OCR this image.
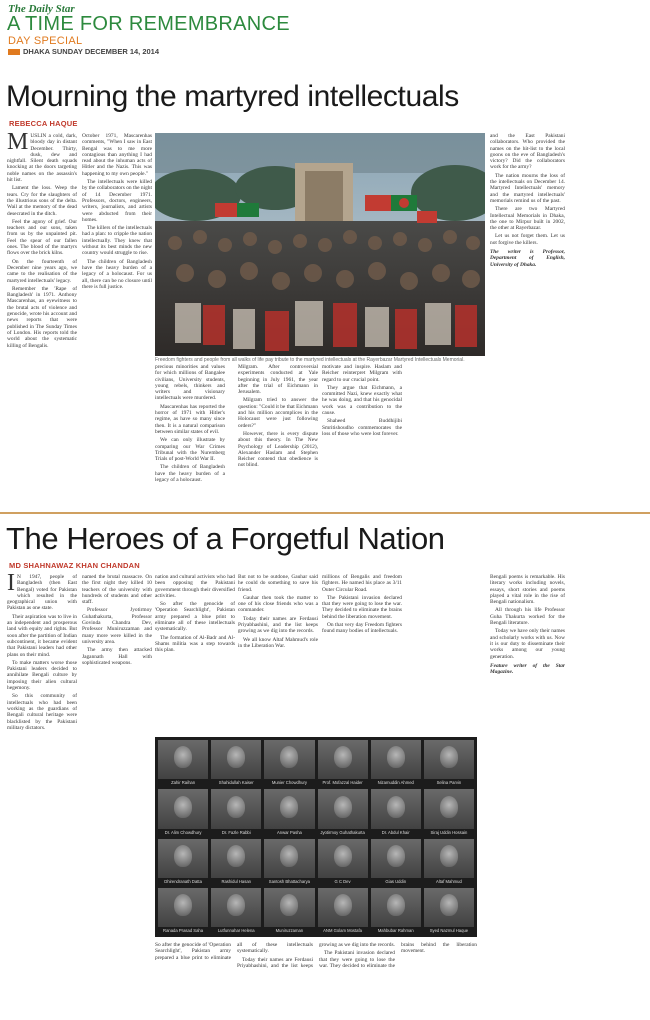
The Daily Star
A TIME FOR REMEMBRANCE
DAY SPECIAL
DHAKA SUNDAY DECEMBER 14, 2014
Mourning the martyred intellectuals
REBECCA HAQUE

MUSLIN a cold, dark, bloody day in distant December. Thirty, dusk, dew and nightfall. Silent death squads knocking at the doors targeting noble names on the assassin's hit list.

Lament the loss. Weep the tears. Cry for the slaughters of the illustrious sons of the delta. Wail at the memory of the dead desecrated in the ditch.

Feel the agony of grief. Our teachers and our sons, taken from us by the unpainted pit. Feel the spear of our fallen ones. The blood of the martyrs flows over the brick kilns.

On the fourteenth of December nine years ago, we came to the realisation of the martyred intellectuals' legacy.

Remember the 'Rape of Bangladesh' in 1971. Anthony Mascarenhas, an eyewitness to the brutal acts of violence and genocide, wrote his account and news reports that were published in The Sunday Times of London. His reports told the world about the systematic killing of Bengalis.

October 1971, Mascarenhas comments, "When I saw in East Bengal was to me more contagious than anything I had read about the inhuman acts of Hitler and the Nazis. This was happening to my own people."

The intellectuals were killed by the collaborators on the night of 14 December 1971. Professors, doctors, engineers, writers, journalists, and artists were abducted from their homes.

The killers of the intellectuals had a plan: to cripple the nation intellectually. They knew that without its best minds the new country would struggle to rise.

The children of Bangladesh have the heavy burden of a legacy of a holocaust. For us all, there can be no closure until there is full justice.

Freedom fighters and people from all walks of life pay tribute to the martyred intellectuals at the Rayerbazar Martyred Intellectuals Memorial.

precious minorities and values for which millions of Bangalee civilians, University students, young rebels, thinkers and writers and visionary intellectuals were murdered.

Mascarenhas has reported the horror of 1971 with Hitler's regime, as have so many since then. It is a natural comparison between similar states of evil.

We can only illustrate by comparing our War Crimes Tribunal with the Nuremberg Trials of post-World War II.

The children of Bangladesh have the heavy burden of a legacy of a holocaust.

Milgram. After controversial experiments conducted at Yale beginning in July 1961, the year after the trial of Eichmann in Jerusalem.

Milgram tried to answer the question: "Could it be that Eichmann and his million accomplices in the Holocaust were just following orders?"

However, there is every dispute about this theory. In The New Psychology of Leadership (2012), Alexander Haslam and Stephen Reicher contend that obedience is not blind.

motivate and inspire. Haslam and Reicher reinterpret Milgram with regard to our crucial point.

They argue that Eichmann, a committed Nazi, knew exactly what he was doing, and that his genocidal work was a contribution to the cause.

Shaheed Buddhijibi Smritishoudho commemorates the loss of those who were lost forever.

and the East Pakistani collaborators. Who provided the names on the hit-list to the local goons on the eve of Bangladesh's victory? Did the collaborators work for the army?

The nation mourns the loss of the intellectuals on December 14. Martyred Intellectuals' memory and the martyred intellectuals' memorials remind us of the past.

There are two Martyred Intellectual Memorials in Dhaka, the one to Mirpur built in 2002, the other at Rayerbazar.

Let us not forget them. Let us not forgive the killers.

The writer is Professor, Department of English, University of Dhaka.

The Heroes of a Forgetful Nation
MD SHAHNAWAZ KHAN CHANDAN

I N 1947, people of Bangladesh (then East Bengal) voted for Pakistan which resulted in the geographical union with Pakistan as one state.

Their aspiration was to live in an independent and prosperous land with equity and rights. But soon after the partition of Indian subcontinent, it became evident that Pakistani leaders had other plans on their mind.

To make matters worse those Pakistani leaders decided to annihilate Bengali culture by imposing their alien cultural hegemony.

So this community of intellectuals who had been working as the guardians of Bengali cultural heritage were blacklisted by the Pakistani military dictators.

named the brutal massacre. On the first night they killed 10 teachers of the university with hundreds of students and other staff.

Professor Jyotirmoy Guhathakurta, Professor Govinda Chandra Dev, Professor Muniruzzaman and many more were killed in the university area.

The army then attacked Jagannath Hall with sophisticated weapons.

nation and cultural activists who had been opposing the Pakistani government through their diversified activities.

So after the genocide of 'Operation Searchlight', Pakistan army prepared a blue print to eliminate all of these intellectuals systematically.

The formation of Al-Badr and Al-Shams militia was a step towards this plan.

But not to be outdone, Gauhar said he could do something to save his friend.

Gauhar then took the matter to one of his close friends who was a commander.

Today their names are Ferdausi Priyabhashini, and the list keeps growing as we dig into the records.

We all know Altaf Mahmud's role in the Liberation War.

millions of Bengalis and freedom fighters. He named his place as 3/11 Outer Circular Road.

The Pakistani invasion declared that they were going to lose the war. They decided to eliminate the brains behind the liberation movement.

On that very day Freedom fighters found many bodies of intellectuals.

Zahir Raihan	Shahidullah Kaiser	Munier Chowdhury	Prof. Mofazzal Haider	Nizamuddin Ahmed	Selina Parvin
Dr. Alim Chowdhury	Dr. Fazle Rabbi	Anwar Pasha	Jyotirmoy Guhathakurta	Dr. Abdul Khair	Siraj Uddin Hossain
Dhirendranath Datta	Rashidul Hasan	Santosh Bhattacharya	G C Dev	Gias Uddin	Altaf Mahmud
Ranada Prasad Saha	Lutfunnahar Helena	Muniruzzaman	ANM Golam Mostafa	Mahbubar Rahman	Syed Nazmul Haque

So after the genocide of 'Operation Searchlight', Pakistan army prepared a blue print to eliminate all of these intellectuals systematically.

Today their names are Ferdausi Priyabhashini, and the list keeps growing as we dig into the records.

The Pakistani invasion declared that they were going to lose the war. They decided to eliminate the brains behind the liberation movement.

Bengali poems is remarkable. His literary works including novels, essays, short stories and poems played a vital role in the rise of Bengali nationalism.

All through his life Professor Guha Thakurta worked for the Bengali literature.

Today we have only their names and scholarly works with us. Now it is our duty to disseminate their works among our young generation.

Feature writer of the Star Magazine.
